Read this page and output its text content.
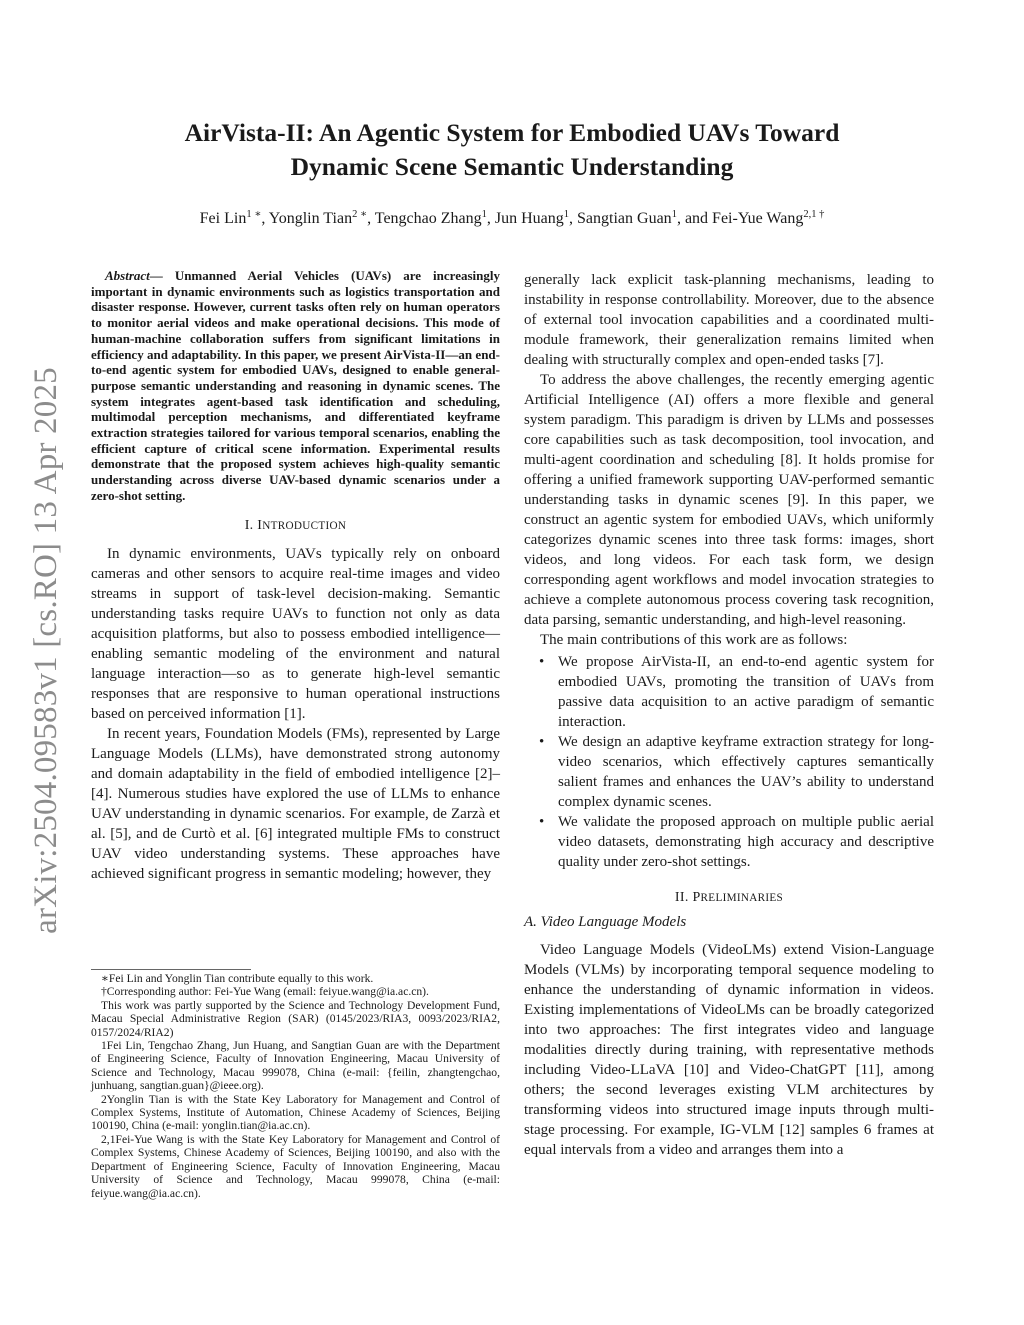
arXiv:2504.09583v1 [cs.RO] 13 Apr 2025
AirVista-II: An Agentic System for Embodied UAVs Toward
Dynamic Scene Semantic Understanding
Fei Lin$^{1 ∗}$, Yonglin Tian$^{2 ∗}$, Tengchao Zhang$^1$, Jun Huang$^1$, Sangtian Guan$^1$, and Fei-Yue Wang$^{2,1 \dagger}$

Abstract— Unmanned Aerial Vehicles (UAVs) are increasingly important in dynamic environments such as logistics transportation and disaster response. However, current tasks often rely on human operators to monitor aerial videos and make operational decisions. This mode of human-machine collaboration suffers from significant limitations in efficiency and adaptability. In this paper, we present AirVista-II—an end-to-end agentic system for embodied UAVs, designed to enable general-purpose semantic understanding and reasoning in dynamic scenes. The system integrates agent-based task identification and scheduling, multimodal perception mechanisms, and differentiated keyframe extraction strategies tailored for various temporal scenarios, enabling the efficient capture of critical scene information. Experimental results demonstrate that the proposed system achieves high-quality semantic understanding across diverse UAV-based dynamic scenarios under a zero-shot setting.

I. INTRODUCTION

In dynamic environments, UAVs typically rely on onboard cameras and other sensors to acquire real-time images and video streams in support of task-level decision-making. Semantic understanding tasks require UAVs to function not only as data acquisition platforms, but also to possess embodied intelligence—enabling semantic modeling of the environment and natural language interaction—so as to generate high-level semantic responses that are responsive to human operational instructions based on perceived information [1].

In recent years, Foundation Models (FMs), represented by Large Language Models (LLMs), have demonstrated strong autonomy and domain adaptability in the field of embodied intelligence [2]–[4]. Numerous studies have explored the use of LLMs to enhance UAV understanding in dynamic scenarios. For example, de Zarzà et al. [5], and de Curtò et al. [6] integrated multiple FMs to construct UAV video understanding systems. These approaches have achieved significant progress in semantic modeling; however, they

∗Fei Lin and Yonglin Tian contribute equally to this work.

†Corresponding author: Fei-Yue Wang (email: feiyue.wang@ia.ac.cn).

This work was partly supported by the Science and Technology Development Fund, Macau Special Administrative Region (SAR) (0145/2023/RIA3, 0093/2023/RIA2, 0157/2024/RIA2)

1Fei Lin, Tengchao Zhang, Jun Huang, and Sangtian Guan are with the Department of Engineering Science, Faculty of Innovation Engineering, Macau University of Science and Technology, Macau 999078, China (e-mail: {feilin, zhangtengchao, junhuang, sangtian.guan}@ieee.org).

2Yonglin Tian is with the State Key Laboratory for Management and Control of Complex Systems, Institute of Automation, Chinese Academy of Sciences, Beijing 100190, China (e-mail: yonglin.tian@ia.ac.cn).

2,1Fei-Yue Wang is with the State Key Laboratory for Management and Control of Complex Systems, Chinese Academy of Sciences, Beijing 100190, and also with the Department of Engineering Science, Faculty of Innovation Engineering, Macau University of Science and Technology, Macau 999078, China (e-mail: feiyue.wang@ia.ac.cn).

generally lack explicit task-planning mechanisms, leading to instability in response controllability. Moreover, due to the absence of external tool invocation capabilities and a coordinated multi-module framework, their generalization remains limited when dealing with structurally complex and open-ended tasks [7].

To address the above challenges, the recently emerging agentic Artificial Intelligence (AI) offers a more flexible and general system paradigm. This paradigm is driven by LLMs and possesses core capabilities such as task decomposition, tool invocation, and multi-agent coordination and scheduling [8]. It holds promise for offering a unified framework supporting UAV-performed semantic understanding tasks in dynamic scenes [9]. In this paper, we construct an agentic system for embodied UAVs, which uniformly categorizes dynamic scenes into three task forms: images, short videos, and long videos. For each task form, we design corresponding agent workflows and model invocation strategies to achieve a complete autonomous process covering task recognition, data parsing, semantic understanding, and high-level reasoning.

The main contributions of this work are as follows:

• We propose AirVista-II, an end-to-end agentic system for embodied UAVs, promoting the transition of UAVs from passive data acquisition to an active paradigm of semantic interaction.
• We design an adaptive keyframe extraction strategy for long-video scenarios, which effectively captures semantically salient frames and enhances the UAV’s ability to understand complex dynamic scenes.
• We validate the proposed approach on multiple public aerial video datasets, demonstrating high accuracy and descriptive quality under zero-shot settings.

II. PRELIMINARIES

A. Video Language Models

Video Language Models (VideoLMs) extend Vision-Language Models (VLMs) by incorporating temporal sequence modeling to enhance the understanding of dynamic information in videos. Existing implementations of VideoLMs can be broadly categorized into two approaches: The first integrates video and language modalities directly during training, with representative methods including Video-LLaVA [10] and Video-ChatGPT [11], among others; the second leverages existing VLM architectures by transforming videos into structured image inputs through multi-stage processing. For example, IG-VLM [12] samples 6 frames at equal intervals from a video and arranges them into a
